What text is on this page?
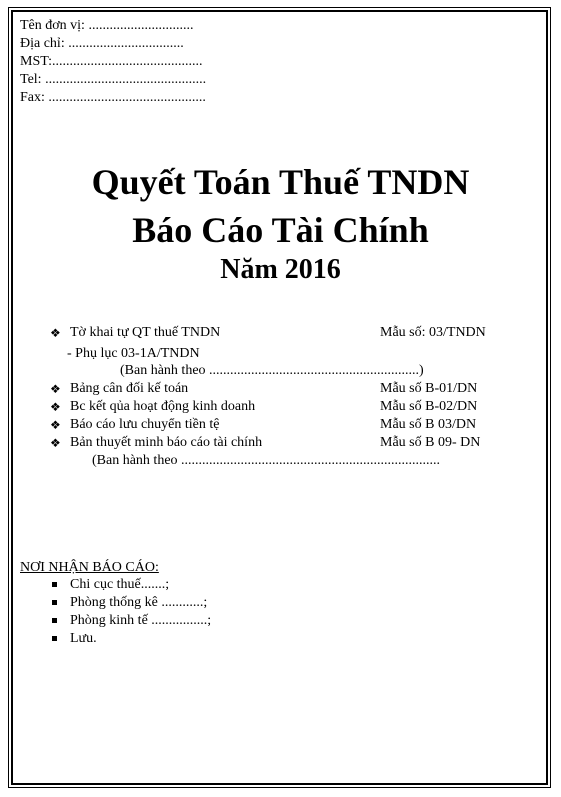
Tên đơn vị: ..............................
Địa chỉ: .................................
MST:...........................................
Tel: ..............................................
Fax: .............................................
Quyết Toán Thuế TNDN
Báo Cáo Tài Chính
Năm 2016
❖ Tờ khai tự QT thuế TNDN	Mẫu số: 03/TNDN
- Phụ lục 03-1A/TNDN
(Ban hành theo ............................................................)
❖ Bảng cân đối kế toán	Mẫu số B-01/DN
❖ Bc kết qủa hoạt động kinh doanh	Mẫu số B-02/DN
❖ Báo cáo lưu chuyển tiền tệ	Mẫu số B 03/DN
❖ Bản thuyết minh báo cáo tài chính	Mẫu số B 09- DN
(Ban hành theo ..........................................................................
NƠI NHẬN BÁO CÁO:
Chi cục thuế.......;
Phòng thống kê ............;
Phòng kinh tế ................;
Lưu.
